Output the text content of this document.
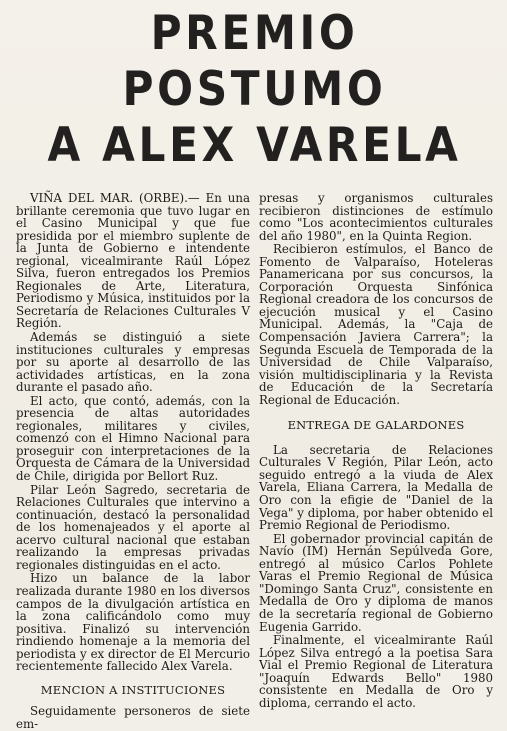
PREMIO POSTUMO
A ALEX VARELA

VIÑA DEL MAR. (ORBE).— En una brillante ceremonia que tuvo lugar en el Casino Municipal y que fue presidida por el miembro suplente de la Junta de Gobierno e intendente regional, vicealmirante Raúl López Silva, fueron entregados los Premios Regionales de Arte, Literatura, Periodismo y Música, instituidos por la Secretaría de Relaciones Culturales V Región.

Además se distinguió a siete instituciones culturales y empresas por su aporte al desarrollo de las actividades artísticas, en la zona durante el pasado año.

El acto, que contó, además, con la presencia de altas autoridades regionales, militares y civiles, comenzó con el Himno Nacional para proseguir con interpretaciones de la Orquesta de Cámara de la Universidad de Chile, dirigida por Bellort Ruz.

Pilar León Sagredo, secretaria de Relaciones Culturales que intervino a continuación, destacó la personalidad de los homenajeados y el aporte al acervo cultural nacional que estaban realizando la empresas privadas regionales distinguidas en el acto.

Hizo un balance de la labor realizada durante 1980 en los diversos campos de la divulgación artística en la zona calificándolo como muy positiva. Finalizó su intervención rindiendo homenaje a la memoria del periodista y ex director de El Mercurio recientemente fallecido Alex Varela.

MENCION A INSTITUCIONES

Seguidamente personeros de siete em-

presas y organismos culturales recibieron distinciones de estímulo como "Los acontecimientos culturales del año 1980", en la Quinta Region.

Recibieron estímulos, el Banco de Fomento de Valparaíso, Hoteleras Panamericana por sus concursos, la Corporación Orquesta Sinfónica Regional creadora de los concursos de ejecución musical y el Casino Municipal. Además, la "Caja de Compensación Javiera Carrera"; la Segunda Escuela de Temporada de la Universidad de Chile Valparaíso, visión multidisciplinaria y la Revista de Educación de la Secretaría Regional de Educación.

ENTREGA DE GALARDONES

La secretaria de Relaciones Culturales V Región, Pilar León, acto seguido entregó a la viuda de Alex Varela, Eliana Carrera, la Medalla de Oro con la efigie de "Daniel de la Vega" y diploma, por haber obtenido el Premio Regional de Periodismo.

El gobernador provincial capitán de Navío (IM) Hernán Sepúlveda Gore, entregó al músico Carlos Pohlete Varas el Premio Regional de Música "Domingo Santa Cruz", consistente en Medalla de Oro y diploma de manos de la secretaría regional de Gobierno Eugenia Garrido.

Finalmente, el vicealmirante Raúl López Silva entregó a la poetisa Sara Vial el Premio Regional de Literatura "Joaquín Edwards Bello" 1980 consistente en Medalla de Oro y diploma, cerrando el acto.
